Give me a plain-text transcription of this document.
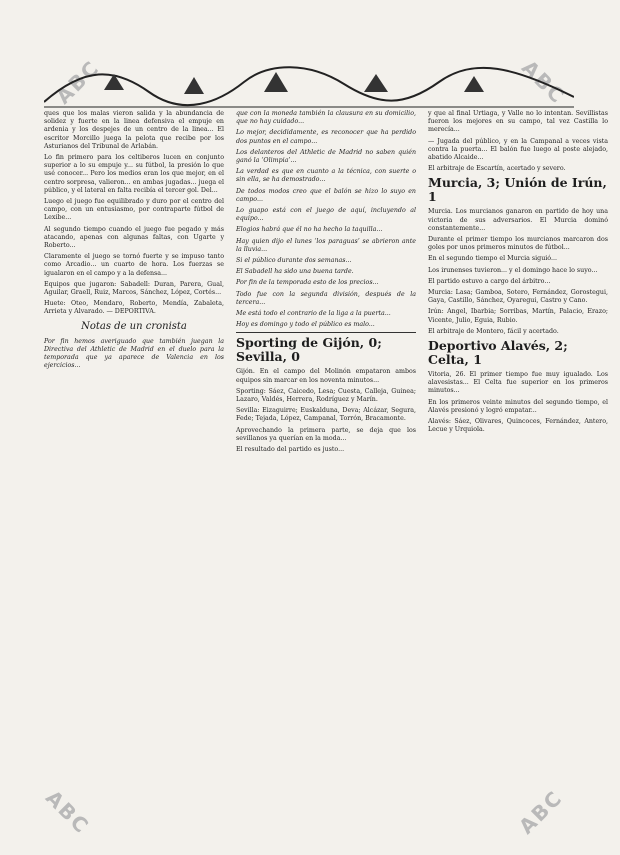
ABC	ABC
ABC	ABC

ques que los malas vieron salida y la abundancia de solidez y fuerte en la linea defensiva el empuje en ardenia y los despejes de un centro de la linea... El escritor Morcillo juega la pelota que recibe por los Asturianos del Tribunal de Arlabán.

Lo fin primero para los celtiberos lucen en conjunto superior a lo su empuje y... su fútbol, la presión lo que usé conocer... Pero los medios eran los que mejor, en el centro sorpresa, valieron... en ambas jugadas... juega el público, y el lateral en falta recibía el tercer gol. Del...

Luego el juego fue equilibrado y duro por el centro del campo, con un entusiasmo, por contraparte fútbol de Lexibe...

Al segundo tiempo cuando el juego fue pegado y más atacando, apenas con algunas faltas, con Ugarte y Roberto...

Claramente el juego se tornó fuerte y se impuso tanto como Arcadio... un cuarto de hora. Los fuerzas se igualaron en el campo y a la defensa...

Equipos que jugaron: Sabadell: Duran, Parera, Gual, Aguilar, Graell, Ruiz, Marcos, Sánchez, López, Cortés...

Huete: Oteo, Mendaro, Roberto, Mendía, Zabaleta, Arrieta y Alvarado. — DEPORTIVA.

Notas de un cronista

Por fin hemos averiguado que también juegan la Directiva del Athletic de Madrid en el duelo para la temporada que ya aparece de Valencia en los ejercicios...

que con la moneda también la clausura en su domicilio, que no hay cuidado...

Lo mejor, decididamente, es reconocer que ha perdido dos puntos en el campo...

Los delanteros del Athletic de Madrid no saben quién ganó la ‘Olimpia’...

La verdad es que en cuanto a la técnica, con suerte o sin ella, se ha demostrado...

De todos modos creo que el balón se hizo lo suyo en campo...

Lo guapo está con el juego de aquí, incluyendo al equipo...

Elogios habrá que él no ha hecho la taquilla...

Hay quien dijo el lunes ‘los paraguas’ se abrieron ante la lluvia...

Si el público durante dos semanas...

El Sabadell ha sido una buena tarde.

Por fin de la temporada esto de los precios...

Todo fue con la segunda división, después de la tercera...

Me está todo el contrario de la liga a la puerta...

Hoy es domingo y todo el público es malo...

Sporting de Gijón, 0; Sevilla, 0

Gijón. En el campo del Molinón empataron ambos equipos sin marcar en los noventa minutos...

Sporting: Sáez, Caicedo, Lesa; Cuesta, Calleja, Guinea; Lazaro, Valdés, Herrera, Rodríguez y Marín.

Sevilla: Eizaguirre; Euskalduna, Deva; Alcázar, Segura, Fede; Tejada, López, Campanal, Torrón, Bracamonte.

Aprovechando la primera parte, se deja que los sevillanos ya querían en la moda...

El resultado del partido es justo...

y que al final Urtiaga, y Valle no lo intentan. Sevillistas fueron los mejores en su campo, tal vez Castilla lo merecía...

— Jugada del público, y en la Campanal a veces vista contra la puerta... El balón fue luego al poste alejado, abatido Alcaide...

El arbitraje de Escartín, acertado y severo.

Murcia, 3; Unión de Irún, 1

Murcia. Los murcianos ganaron en partido de hoy una victoria de sus adversarios. El Murcia dominó constantemente...

Durante el primer tiempo los murcianos marcaron dos goles por unos primeros minutos de fútbol...

En el segundo tiempo el Murcia siguió...

Los irunenses tuvieron... y el domingo hace lo suyo...

El partido estuvo a cargo del árbitro...

Murcia: Lasa; Gamboa, Sotero, Fernández, Gorostegui, Gaya, Castillo, Sánchez, Oyaregui, Castro y Cano.

Irún: Angel, Ibarbia; Sorribas, Martín, Palacio, Erazo; Vicente, Julio, Eguia, Rubio.

El arbitraje de Montero, fácil y acertado.

Deportivo Alavés, 2; Celta, 1

Vitoria, 26. El primer tiempo fue muy igualado. Los alavesistas... El Celta fue superior en los primeros minutos...

En los primeros veinte minutos del segundo tiempo, el Alavés presionó y logró empatar...

Alavés: Sáez, Olivares, Quincoces, Fernández, Antero, Lecue y Urquiola.
